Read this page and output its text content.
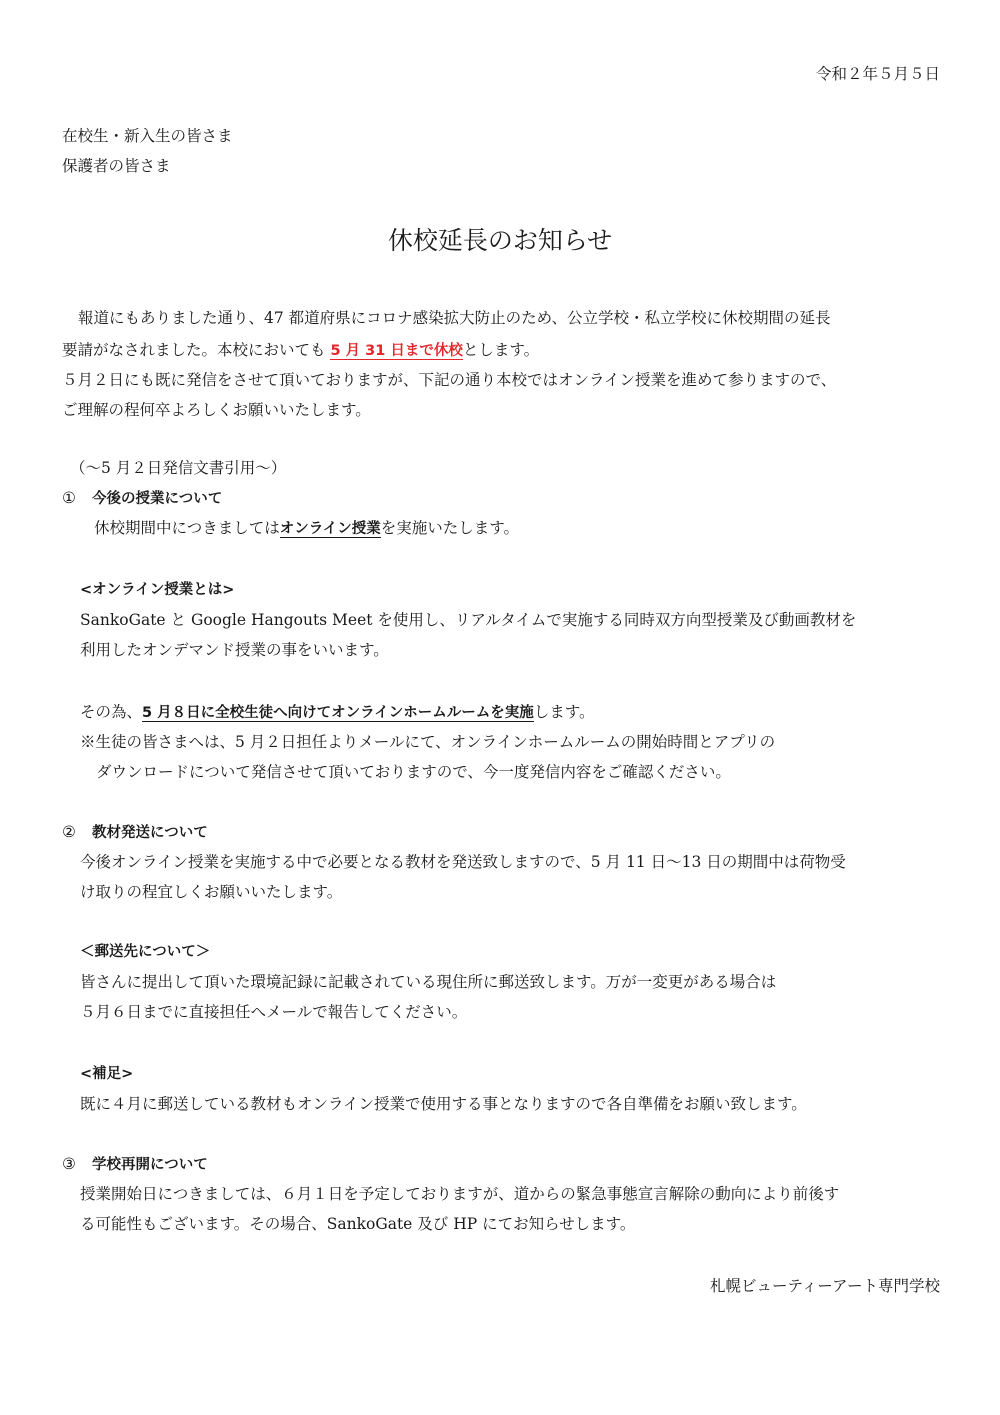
令和２年５月５日
在校生・新入生の皆さま
保護者の皆さま
休校延長のお知らせ
報道にもありました通り、47 都道府県にコロナ感染拡大防止のため、公立学校・私立学校に休校期間の延長
要請がなされました。本校においても 5 月 31 日まで休校とします。
５月２日にも既に発信をさせて頂いておりますが、下記の通り本校ではオンライン授業を進めて参りますので、
ご理解の程何卒よろしくお願いいたします。
（〜5 月２日発信文書引用〜）
① 今後の授業について
休校期間中につきましてはオンライン授業を実施いたします。
<オンライン授業とは>
SankoGate と Google Hangouts Meet を使用し、リアルタイムで実施する同時双方向型授業及び動画教材を
利用したオンデマンド授業の事をいいます。
その為、5 月８日に全校生徒へ向けてオンラインホームルームを実施します。
※生徒の皆さまへは、5 月２日担任よりメールにて、オンラインホームルームの開始時間とアプリの
ダウンロードについて発信させて頂いておりますので、今一度発信内容をご確認ください。
② 教材発送について
今後オンライン授業を実施する中で必要となる教材を発送致しますので、5 月 11 日〜13 日の期間中は荷物受
け取りの程宜しくお願いいたします。
＜郵送先について＞
皆さんに提出して頂いた環境記録に記載されている現住所に郵送致します。万が一変更がある場合は
５月６日までに直接担任へメールで報告してください。
<補足>
既に４月に郵送している教材もオンライン授業で使用する事となりますので各自準備をお願い致します。
③ 学校再開について
授業開始日につきましては、６月１日を予定しておりますが、道からの緊急事態宣言解除の動向により前後す
る可能性もございます。その場合、SankoGate 及び HP にてお知らせします。
札幌ビューティーアート専門学校
